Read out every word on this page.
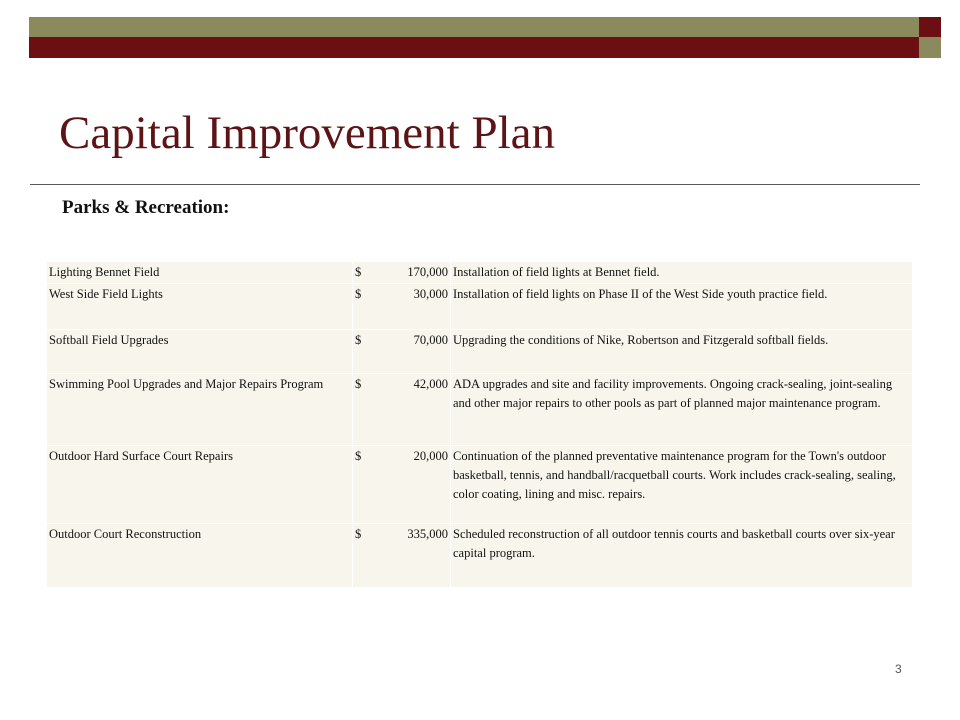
Capital Improvement Plan
Parks & Recreation:
Lighting Bennet Field	$ 170,000	Installation of field lights at Bennet field.
West Side Field Lights	$ 30,000	Installation of field lights on Phase II of the West Side youth practice field.
Softball Field Upgrades	$ 70,000	Upgrading the conditions of Nike, Robertson and Fitzgerald softball fields.
Swimming Pool Upgrades and Major Repairs Program	$ 42,000	ADA upgrades and site and facility improvements. Ongoing crack-sealing, joint-sealing and other major repairs to other pools as part of planned major maintenance program.
Outdoor Hard Surface Court Repairs	$ 20,000	Continuation of the planned preventative maintenance program for the Town's outdoor basketball, tennis, and handball/racquetball courts. Work includes crack-sealing, sealing, color coating, lining and misc. repairs.
Outdoor Court Reconstruction	$ 335,000	Scheduled reconstruction of all outdoor tennis courts and basketball courts over six-year capital program.
3
